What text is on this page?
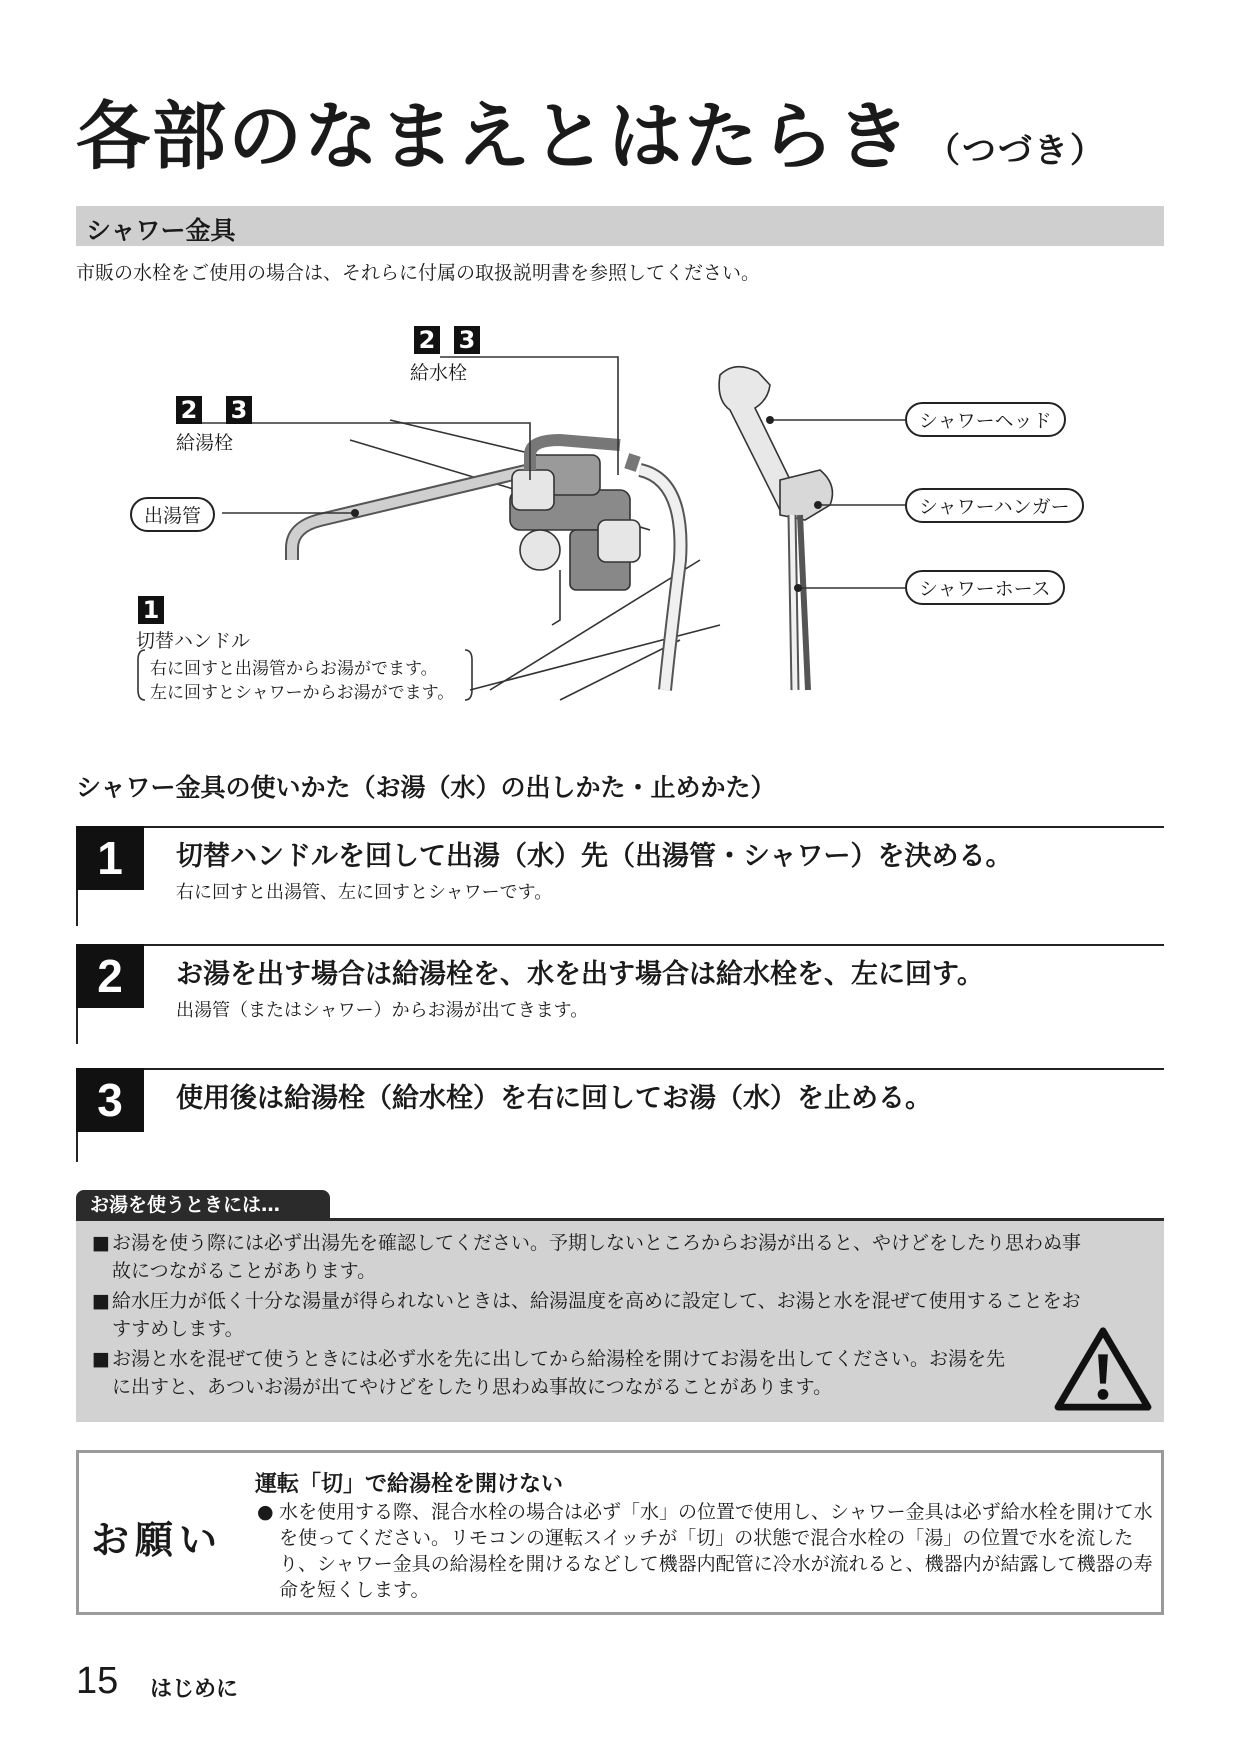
各部のなまえとはたらき （つづき）
シャワー金具
市販の水栓をご使用の場合は、それらに付属の取扱説明書を参照してください。
2 3
給水栓
2 3
給湯栓
出湯管
1
切替ハンドル
右に回すと出湯管からお湯がでます。
左に回すとシャワーからお湯がでます。
シャワーヘッド
シャワーハンガー
シャワーホース
シャワー金具の使いかた（お湯（水）の出しかた・止めかた）
1	切替ハンドルを回して出湯（水）先（出湯管・シャワー）を決める。
右に回すと出湯管、左に回すとシャワーです。
2	お湯を出す場合は給湯栓を、水を出す場合は給水栓を、左に回す。
出湯管（またはシャワー）からお湯が出てきます。
3	使用後は給湯栓（給水栓）を右に回してお湯（水）を止める。
お湯を使うときには…
■ お湯を使う際には必ず出湯先を確認してください。予期しないところからお湯が出ると、やけどをしたり思わぬ事故につながることがあります。
■ 給水圧力が低く十分な湯量が得られないときは、給湯温度を高めに設定して、お湯と水を混ぜて使用することをおすすめします。
■ お湯と水を混ぜて使うときには必ず水を先に出してから給湯栓を開けてお湯を出してください。お湯を先に出すと、あついお湯が出てやけどをしたり思わぬ事故につながることがあります。
お願い
運転「切」で給湯栓を開けない
● 水を使用する際、混合水栓の場合は必ず「水」の位置で使用し、シャワー金具は必ず給水栓を開けて水を使ってください。リモコンの運転スイッチが「切」の状態で混合水栓の「湯」の位置で水を流したり、シャワー金具の給湯栓を開けるなどして機器内配管に冷水が流れると、機器内が結露して機器の寿命を短くします。
15 はじめに
